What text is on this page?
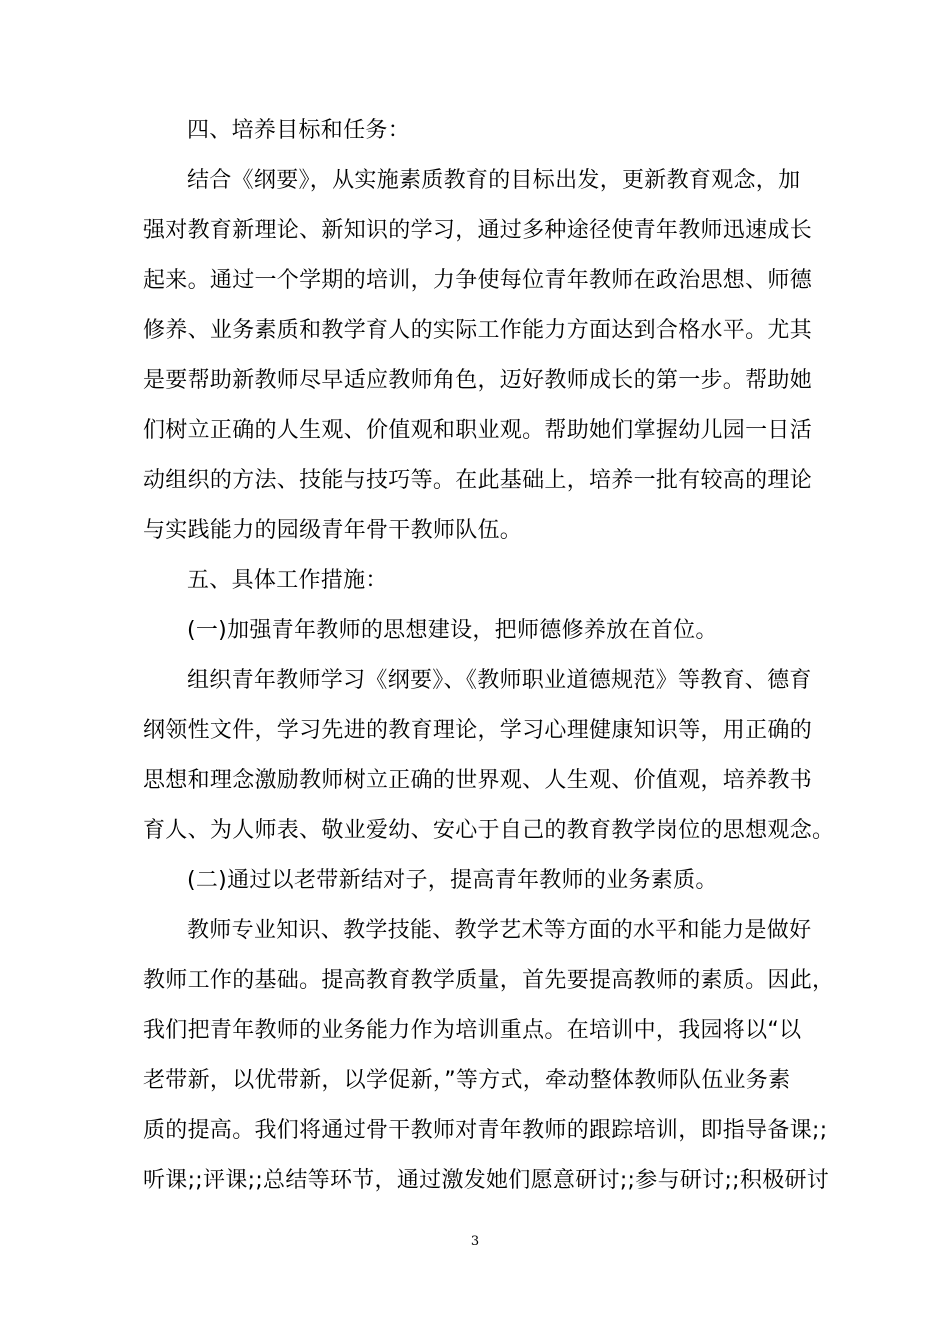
四、培养目标和任务：
结合《纲要》，从实施素质教育的目标出发，更新教育观念，加
强对教育新理论、新知识的学习，通过多种途径使青年教师迅速成长
起来。通过一个学期的培训，力争使每位青年教师在政治思想、师德
修养、业务素质和教学育人的实际工作能力方面达到合格水平。尤其
是要帮助新教师尽早适应教师角色，迈好教师成长的第一步。帮助她
们树立正确的人生观、价值观和职业观。帮助她们掌握幼儿园一日活
动组织的方法、技能与技巧等。在此基础上，培养一批有较高的理论
与实践能力的园级青年骨干教师队伍。
五、具体工作措施：
(一)加强青年教师的思想建设，把师德修养放在首位。
组织青年教师学习《纲要》、《教师职业道德规范》等教育、德育
纲领性文件，学习先进的教育理论，学习心理健康知识等，用正确的
思想和理念激励教师树立正确的世界观、人生观、价值观，培养教书
育人、为人师表、敬业爱幼、安心于自己的教育教学岗位的思想观念。
(二)通过以老带新结对子，提高青年教师的业务素质。
教师专业知识、教学技能、教学艺术等方面的水平和能力是做好
教师工作的基础。提高教育教学质量，首先要提高教师的素质。因此，
我们把青年教师的业务能力作为培训重点。在培训中，我园将以“以
老带新，以优带新，以学促新，”等方式，牵动整体教师队伍业务素
质的提高。我们将通过骨干教师对青年教师的跟踪培训，即指导备课;;
听课;;评课;;总结等环节，通过激发她们愿意研讨;;参与研讨;;积极研讨
3
